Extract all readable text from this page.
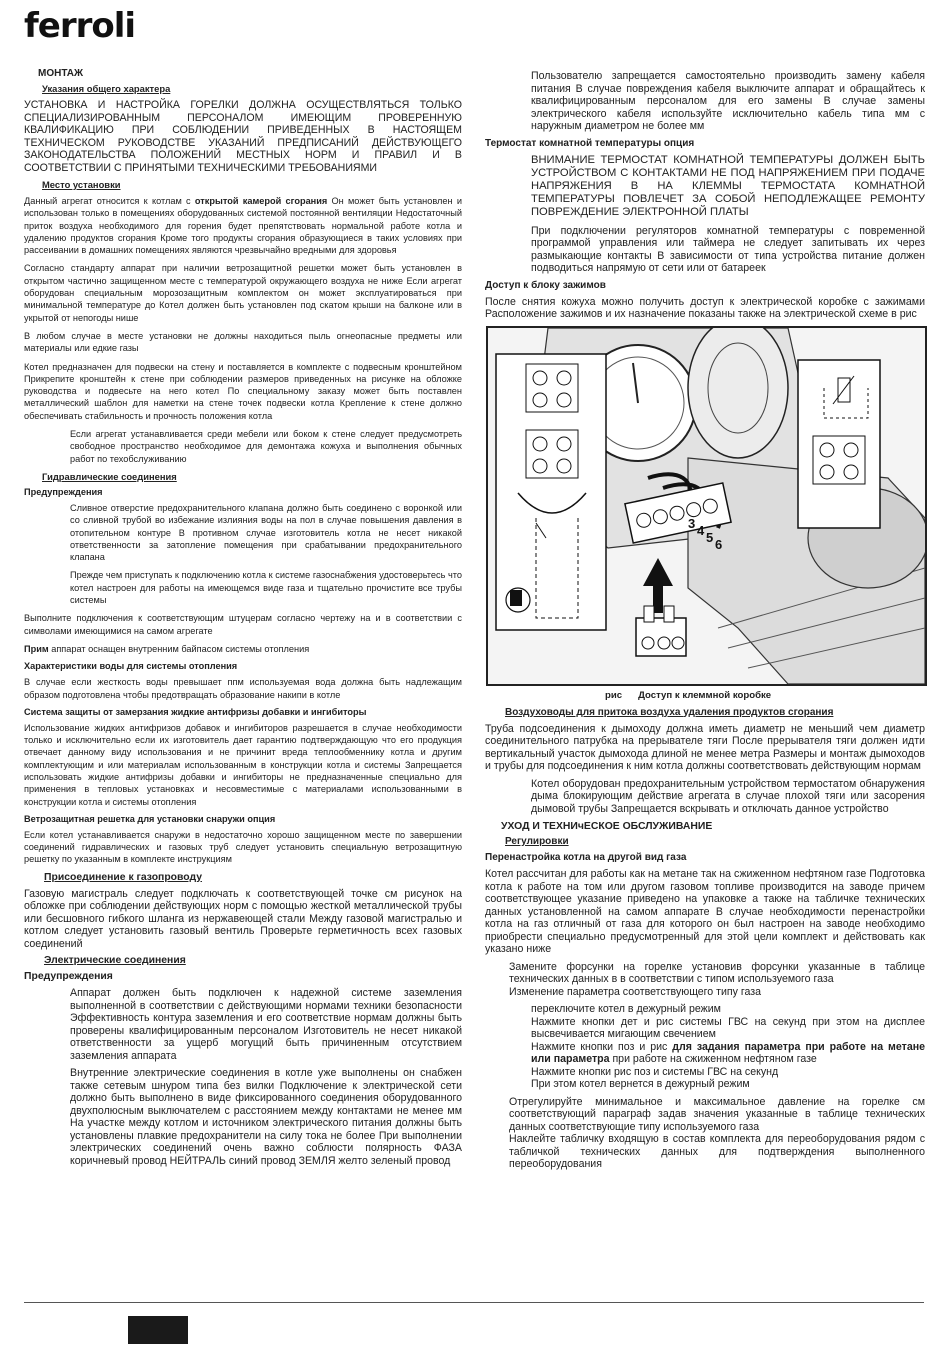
ferroli
МОНТАЖ
Указания общего характера

УСТАНОВКА И НАСТРОЙКА ГОРЕЛКИ ДОЛЖНА ОСУЩЕСТВЛЯТЬСЯ ТОЛЬКО СПЕЦИАЛИЗИРОВАННЫМ ПЕРСОНАЛОМ ИМЕЮЩИМ ПРОВЕРЕННУЮ КВАЛИФИКАЦИЮ ПРИ СОБЛЮДЕНИИ ПРИВЕДЕННЫХ В НАСТОЯЩЕМ ТЕХНИЧЕСКОМ РУКОВОДСТВЕ УКАЗАНИЙ ПРЕДПИСАНИЙ ДЕЙСТВУЮЩЕГО ЗАКОНОДАТЕЛЬСТВА ПОЛОЖЕНИЙ МЕСТНЫХ НОРМ И ПРАВИЛ И В СООТВЕТСТВИИ С ПРИНЯТЫМИ ТЕХНИЧЕСКИМИ ТРЕБОВАНИЯМИ

Место установки

Данный агрегат относится к котлам с открытой камерой сгорания Он может быть установлен и использован только в помещениях оборудованных системой постоянной вентиляции Недостаточный приток воздуха необходимого для горения будет препятствовать нормальной работе котла и удалению продуктов сгорания Кроме того продукты сгорания образующиеся в таких условиях при рассеивании в домашних помещениях являются чрезвычайно вредными для здоровья

Согласно стандарту аппарат при наличии ветрозащитной решетки может быть установлен в открытом частично защищенном месте с температурой окружающего воздуха не ниже Если агрегат оборудован специальным морозозащитным комплектом он может эксплуатироваться при минимальной температуре до Котел должен быть установлен под скатом крыши на балконе или в укрытой от непогоды нише

В любом случае в месте установки не должны находиться пыль огнеопасные предметы или материалы или едкие газы

Котел предназначен для подвески на стену и поставляется в комплекте с подвесным кронштейном Прикрепите кронштейн к стене при соблюдении размеров приведенных на рисунке на обложке руководства и подвесьте на него котел По специальному заказу может быть поставлен металлический шаблон для наметки на стене точек подвески котла Крепление к стене должно обеспечивать стабильность и прочность положения котла

Если агрегат устанавливается среди мебели или боком к стене следует предусмотреть свободное пространство необходимое для демонтажа кожуха и выполнения обычных работ по техобслуживанию

Гидравлические соединения
Предупреждения

Сливное отверстие предохранительного клапана должно быть соединено с воронкой или со сливной трубой во избежание излияния воды на пол в случае повышения давления в отопительном контуре В противном случае изготовитель котла не несет никакой ответственности за затопление помещения при срабатывании предохранительного клапана

Прежде чем приступать к подключению котла к системе газоснабжения удостоверьтесь что котел настроен для работы на имеющемся виде газа и тщательно прочистите все трубы системы

Выполните подключения к соответствующим штуцерам согласно чертежу на и в соответствии с символами имеющимися на самом агрегате

Прим аппарат оснащен внутренним байпасом системы отопления

Характеристики воды для системы отопления

В случае если жесткость воды превышает ппм используемая вода должна быть надлежащим образом подготовлена чтобы предотвращать образование накипи в котле

Система защиты от замерзания жидкие антифризы добавки и ингибиторы

Использование жидких антифризов добавок и ингибиторов разрешается в случае необходимости только и исключительно если их изготовитель дает гарантию подтверждающую что его продукция отвечает данному виду использования и не причинит вреда теплообменнику котла и другим комплектующим и или материалам использованным в конструкции котла и системы Запрещается использовать жидкие антифризы добавки и ингибиторы не предназначенные специально для применения в тепловых установках и несовместимые с материалами использованными в конструкции котла и системы отопления

Ветрозащитная решетка для установки снаружи опция

Если котел устанавливается снаружи в недостаточно хорошо защищенном месте по завершении соединений гидравлических и газовых труб следует установить специальную ветрозащитную решетку по указанным в комплекте инструкциям

Присоединение к газопроводу

Газовую магистраль следует подключать к соответствующей точке см рисунок на обложке при соблюдении действующих норм с помощью жесткой металлической трубы или бесшовного гибкого шланга из нержавеющей стали Между газовой магистралью и котлом следует установить газовый вентиль Проверьте герметичность всех газовых соединений

Электрические соединения
Предупреждения

Аппарат должен быть подключен к надежной системе заземления выполненной в соответствии с действующими нормами техники безопасности Эффективность контура заземления и его соответствие нормам должны быть проверены квалифицированным персоналом Изготовитель не несет никакой ответственности за ущерб могущий быть причиненным отсутствием заземления аппарата

Внутренние электрические соединения в котле уже выполнены он снабжен также сетевым шнуром типа без вилки Подключение к электрической сети должно быть выполнено в виде фиксированного соединения оборудованного двухполюсным выключателем с расстоянием между контактами не менее мм На участке между котлом и источником электрического питания должны быть установлены плавкие предохранители на силу тока не более При выполнении электрических соединений очень важно соблюсти полярность ФАЗА коричневый провод НЕЙТРАЛЬ синий провод ЗЕМЛЯ желто зеленый провод

Пользователю запрещается самостоятельно производить замену кабеля питания В случае повреждения кабеля выключите аппарат и обращайтесь к квалифицированным персоналом для его замены В случае замены электрического кабеля используйте исключительно кабель типа мм с наружным диаметром не более мм

Термостат комнатной температуры опция

ВНИМАНИЕ ТЕРМОСТАТ КОМНАТНОЙ ТЕМПЕРАТУРЫ ДОЛЖЕН БЫТЬ УСТРОЙСТВОМ С КОНТАКТАМИ НЕ ПОД НАПРЯЖЕНИЕМ ПРИ ПОДАЧЕ НАПРЯЖЕНИЯ В НА КЛЕММЫ ТЕРМОСТАТА КОМНАТНОЙ ТЕМПЕРАТУРЫ ПОВЛЕЧЕТ ЗА СОБОЙ НЕПОДЛЕЖАЩЕЕ РЕМОНТУ ПОВРЕЖДЕНИЕ ЭЛЕКТРОННОЙ ПЛАТЫ

При подключении регуляторов комнатной температуры с повременной программой управления или таймера не следует запитывать их через размыкающие контакты В зависимости от типа устройства питание должен подводиться напрямую от сети или от батареек

Доступ к блоку зажимов

После снятия кожуха можно получить доступ к электрической коробке с зажимами Расположение зажимов и их назначение показаны также на электрической схеме в рис

3 4 5 6
рис Доступ к клеммной коробке
Воздуховоды для притока воздуха удаления продуктов сгорания

Труба подсоединения к дымоходу должна иметь диаметр не меньший чем диаметр соединительного патрубка на прерывателе тяги После прерывателя тяги должен идти вертикальный участок дымохода длиной не менее метра Размеры и монтаж дымоходов и трубы для подсоединения к ним котла должны соответствовать действующим нормам

Котел оборудован предохранительным устройством термостатом обнаружения дыма блокирующим действие агрегата в случае плохой тяги или засорения дымовой трубы Запрещается вскрывать и отключать данное устройство

УХОД И ТЕХНИчЕСКОЕ ОБСЛУЖИВАНИЕ
Регулировки
Перенастройка котла на другой вид газа

Котел рассчитан для работы как на метане так на сжиженном нефтяном газе Подготовка котла к работе на том или другом газовом топливе производится на заводе причем соответствующее указание приведено на упаковке а также на табличке технических данных установленной на самом аппарате В случае необходимости перенастройки котла на газ отличный от газа для которого он был настроен на заводе необходимо приобрести специально предусмотренный для этой цели комплект и действовать как указано ниже

Замените форсунки на горелке установив форсунки указанные в таблице технических данных в в соответствии с типом используемого газа

Изменение параметра соответствующего типу газа

переключите котел в дежурный режим

Нажмите кнопки дет и рис системы ГВС на секунд при этом на дисплее высвечивается мигающим свечением

Нажмите кнопки поз и рис для задания параметра при работе на метане или параметра при работе на сжиженном нефтяном газе

Нажмите кнопки рис поз и системы ГВС на секунд

При этом котел вернется в дежурный режим

Отрегулируйте минимальное и максимальное давление на горелке см соответствующий параграф задав значения указанные в таблице технических данных соответствующие типу используемого газа

Наклейте табличку входящую в состав комплекта для переоборудования рядом с табличкой технических данных для подтверждения выполненного переоборудования
